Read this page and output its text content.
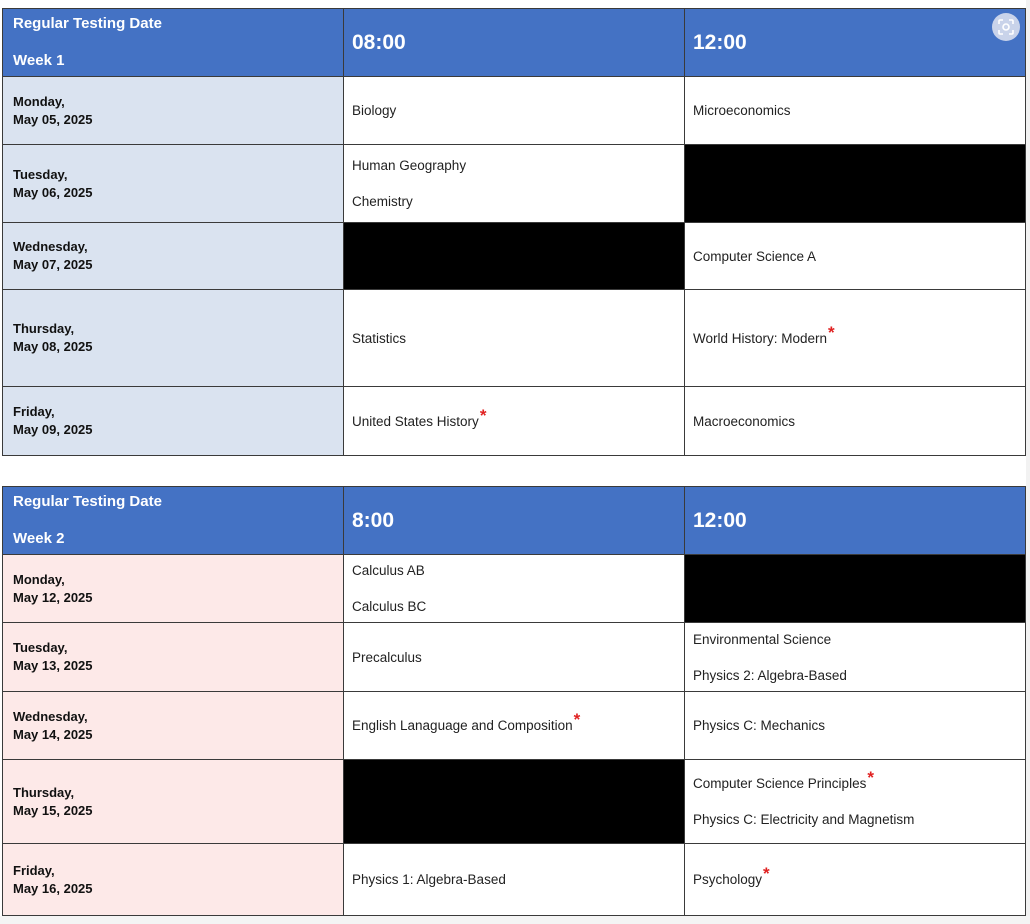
Regular Testing Date
Week 1	08:00	12:00
Monday,
May 05, 2025	Biology	Microeconomics

Tuesday,
May 06, 2025	Human Geography
Chemistry	

Wednesday,
May 07, 2025		Computer Science A

Thursday,
May 08, 2025	Statistics	World History: Modern*

Friday,
May 09, 2025	United States History*	Macroeconomics
Regular Testing Date
Week 2	8:00	12:00
Monday,
May 12, 2025	Calculus AB
Calculus BC	

Tuesday,
May 13, 2025	Precalculus	Environmental Science
Physics 2: Algebra-Based

Wednesday,
May 14, 2025	English Lanaguage and Composition*	Physics C: Mechanics

Thursday,
May 15, 2025		Computer Science Principles*
Physics C: Electricity and Magnetism

Friday,
May 16, 2025	Physics 1: Algebra-Based	Psychology*
